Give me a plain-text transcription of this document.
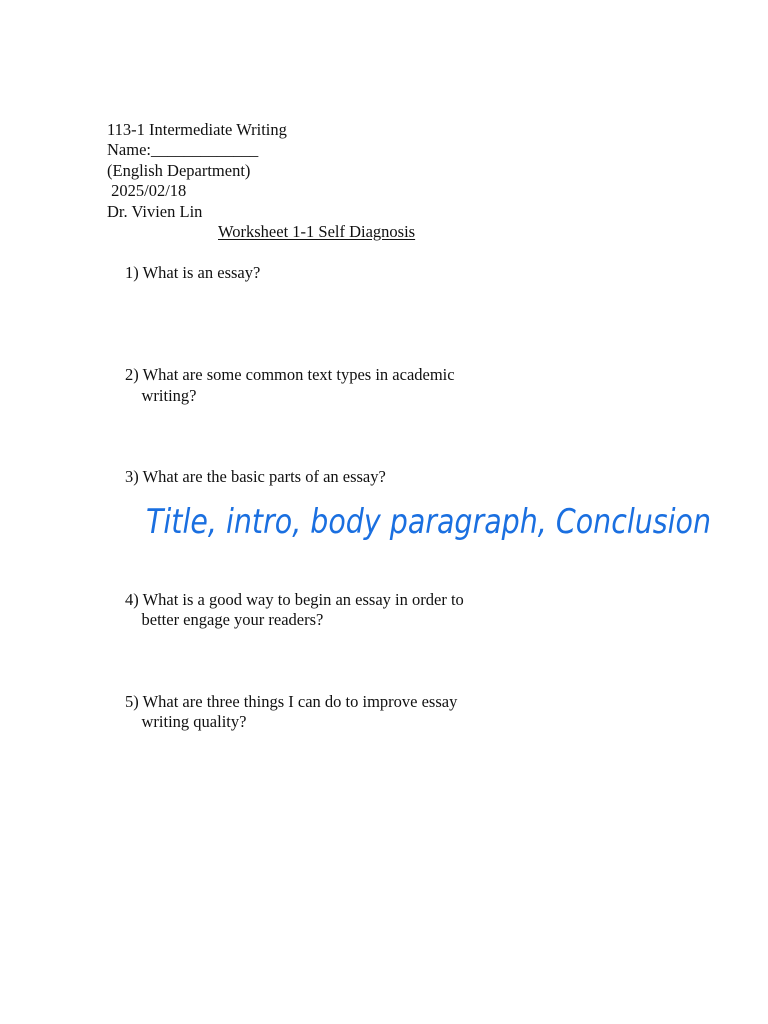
113-1 Intermediate Writing
Name:_____________
(English Department)
2025/02/18
Dr. Vivien Lin
Worksheet 1-1 Self Diagnosis
1) What is an essay?
2) What are some common text types in academic
writing?
3) What are the basic parts of an essay?
Title, intro, body paragraph, Conclusion
4) What is a good way to begin an essay in order to
better engage your readers?
5) What are three things I can do to improve essay
writing quality?
